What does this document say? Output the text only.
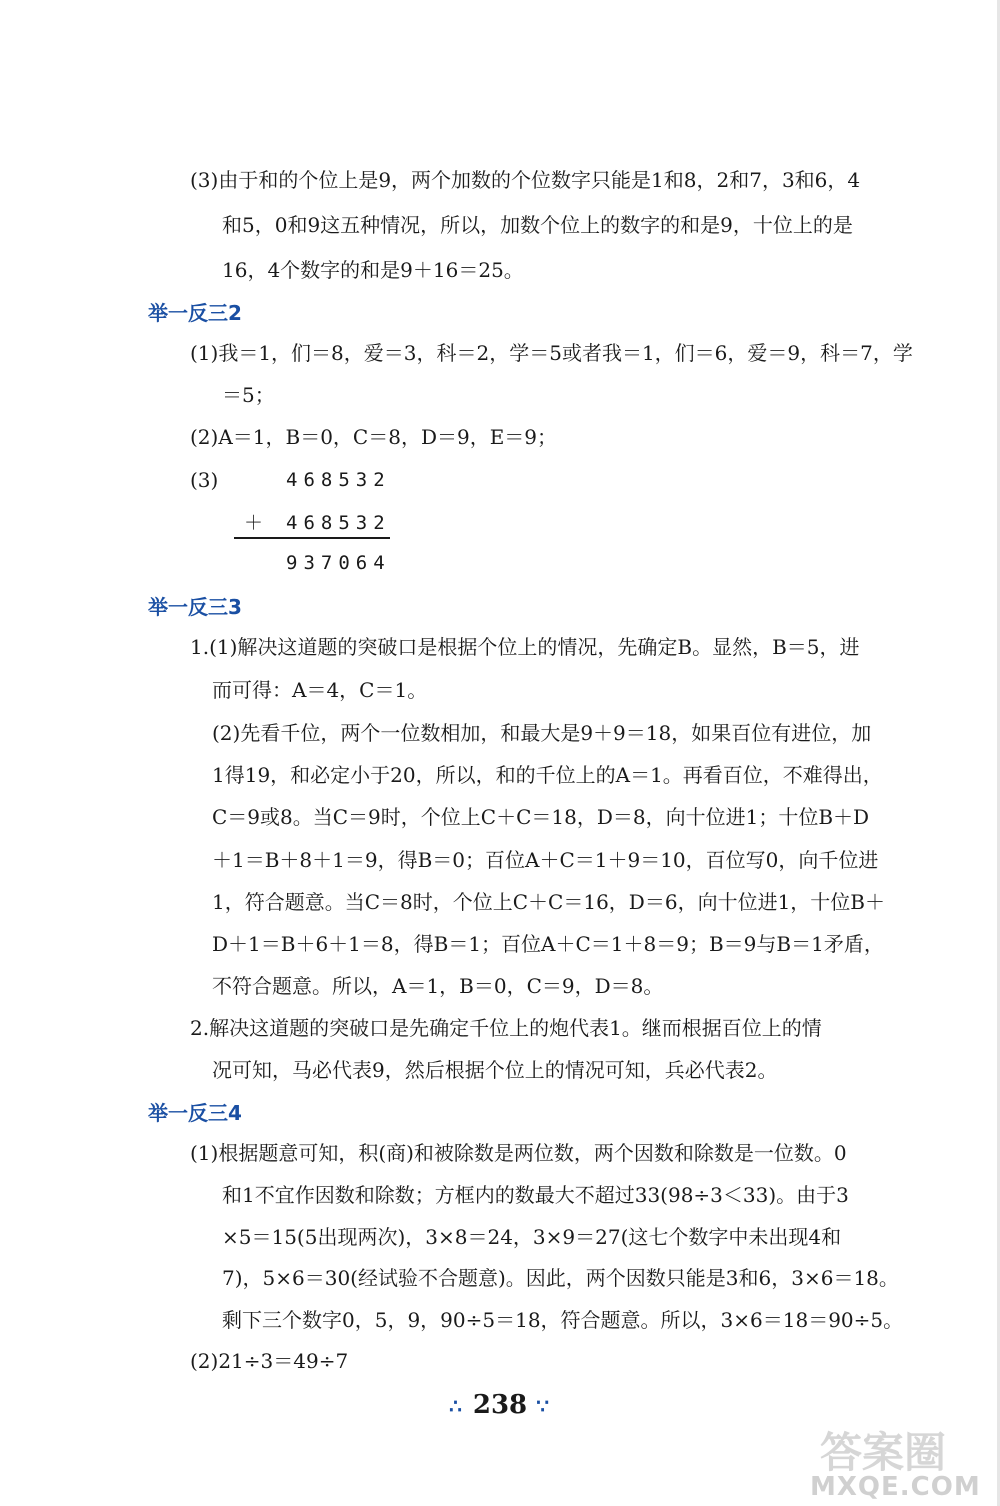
(3)由于和的个位上是9，两个加数的个位数字只能是1和8，2和7，3和6，4
和5，0和9这五种情况，所以，加数个位上的数字的和是9，十位上的是
16，4个数字的和是9＋16＝25。
举一反三2
(1)我＝1，们＝8，爱＝3，科＝2，学＝5或者我＝1，们＝6，爱＝9，科＝7，学
＝5；
(2)A＝1，B＝0，C＝8，D＝9，E＝9；
(3)	468532
＋ 468532
937064
举一反三3
1.(1)解决这道题的突破口是根据个位上的情况，先确定B。显然，B＝5，进
而可得：A＝4，C＝1。
(2)先看千位，两个一位数相加，和最大是9＋9＝18，如果百位有进位，加
1得19，和必定小于20，所以，和的千位上的A＝1。再看百位，不难得出，
C＝9或8。当C＝9时，个位上C＋C＝18，D＝8，向十位进1；十位B＋D
＋1＝B＋8＋1＝9，得B＝0；百位A＋C＝1＋9＝10，百位写0，向千位进
1，符合题意。当C＝8时，个位上C＋C＝16，D＝6，向十位进1，十位B＋
D＋1＝B＋6＋1＝8，得B＝1；百位A＋C＝1＋8＝9；B＝9与B＝1矛盾，
不符合题意。所以，A＝1，B＝0，C＝9，D＝8。
2.解决这道题的突破口是先确定千位上的炮代表1。继而根据百位上的情
况可知，马必代表9，然后根据个位上的情况可知，兵必代表2。
举一反三4
(1)根据题意可知，积(商)和被除数是两位数，两个因数和除数是一位数。0
和1不宜作因数和除数；方框内的数最大不超过33(98÷3＜33)。由于3
×5＝15(5出现两次)，3×8＝24，3×9＝27(这七个数字中未出现4和
7)，5×6＝30(经试验不合题意)。因此，两个因数只能是3和6，3×6＝18。
剩下三个数字0，5，9，90÷5＝18，符合题意。所以，3×6＝18＝90÷5。
(2)21÷3＝49÷7
∴ 238 ∵
答案圈
MXQE.COM
